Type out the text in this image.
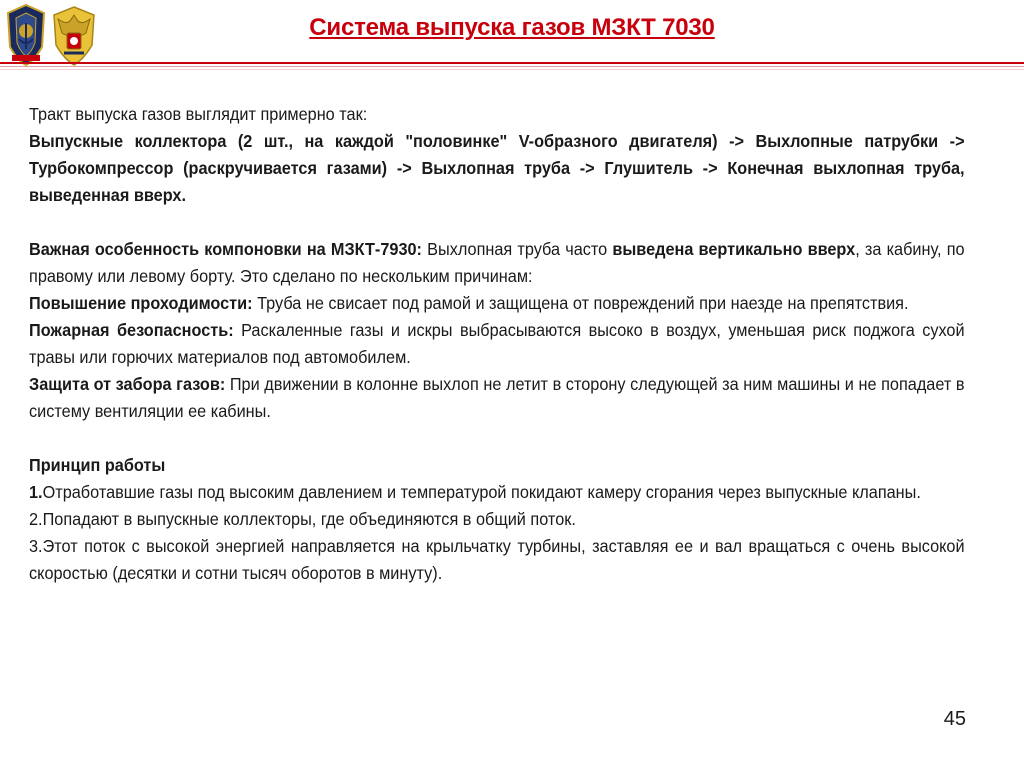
Система выпуска газов МЗКТ 7030

Тракт выпуска газов выглядит примерно так:

Выпускные коллектора (2 шт., на каждой "половинке" V-образного двигателя) -> Выхлопные патрубки -> Турбокомпрессор (раскручивается газами) -> Выхлопная труба -> Глушитель -> Конечная выхлопная труба, выведенная вверх.

Важная особенность компоновки на МЗКТ-7930: Выхлопная труба часто выведена вертикально вверх, за кабину, по правому или левому борту. Это сделано по нескольким причинам:

Повышение проходимости: Труба не свисает под рамой и защищена от повреждений при наезде на препятствия.

Пожарная безопасность: Раскаленные газы и искры выбрасываются высоко в воздух, уменьшая риск поджога сухой травы или горючих материалов под автомобилем.

Защита от забора газов: При движении в колонне выхлоп не летит в сторону следующей за ним машины и не попадает в систему вентиляции ее кабины.

Принцип работы

1.Отработавшие газы под высоким давлением и температурой покидают камеру сгорания через выпускные клапаны.

2.Попадают в выпускные коллекторы, где объединяются в общий поток.

3.Этот поток с высокой энергией направляется на крыльчатку турбины, заставляя ее и вал вращаться с очень высокой скоростью (десятки и сотни тысяч оборотов в минуту).

45
